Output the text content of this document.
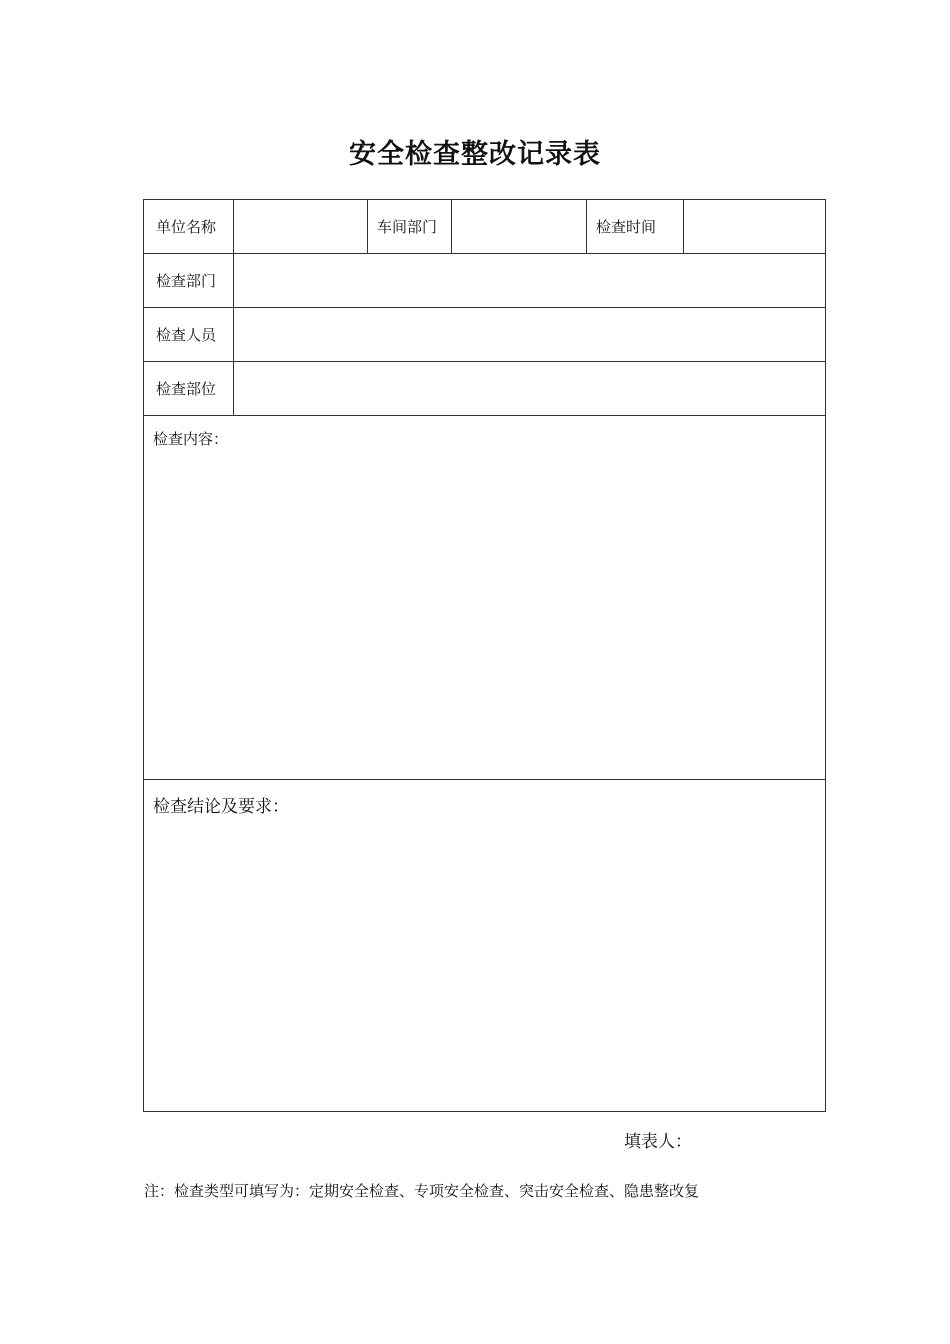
安全检查整改记录表
单位名称		车间部门		检查时间	
检查部门					
检查人员					
检查部位					
检查内容：					
检查结论及要求：					
填表人：
注：检查类型可填写为：定期安全检查、专项安全检查、突击安全检查、隐患整改复
